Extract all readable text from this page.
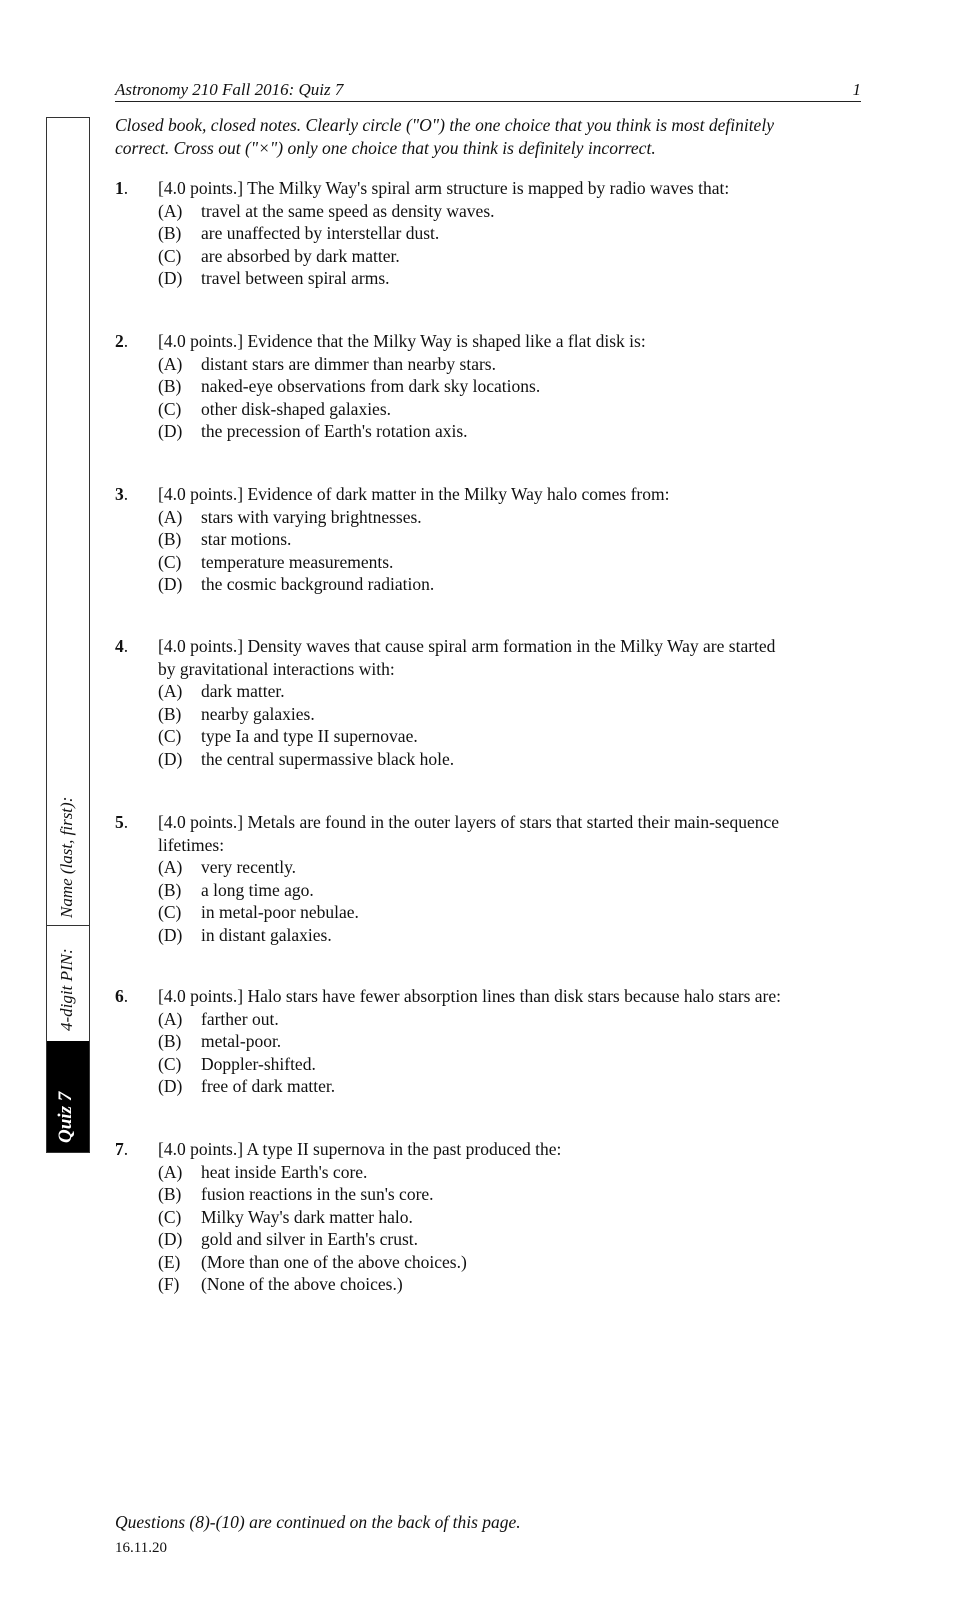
Astronomy 210 Fall 2016: Quiz 7	1
Closed book, closed notes. Clearly circle ("O") the one choice that you think is most definitely
correct. Cross out ("×") only one choice that you think is definitely incorrect.
1. [4.0 points.] The Milky Way's spiral arm structure is mapped by radio waves that:
(A) travel at the same speed as density waves.
(B) are unaffected by interstellar dust.
(C) are absorbed by dark matter.
(D) travel between spiral arms.
2. [4.0 points.] Evidence that the Milky Way is shaped like a flat disk is:
(A) distant stars are dimmer than nearby stars.
(B) naked-eye observations from dark sky locations.
(C) other disk-shaped galaxies.
(D) the precession of Earth's rotation axis.
3. [4.0 points.] Evidence of dark matter in the Milky Way halo comes from:
(A) stars with varying brightnesses.
(B) star motions.
(C) temperature measurements.
(D) the cosmic background radiation.
4. [4.0 points.] Density waves that cause spiral arm formation in the Milky Way are started
by gravitational interactions with:
(A) dark matter.
(B) nearby galaxies.
(C) type Ia and type II supernovae.
(D) the central supermassive black hole.
5. [4.0 points.] Metals are found in the outer layers of stars that started their main-sequence
lifetimes:
(A) very recently.
(B) a long time ago.
(C) in metal-poor nebulae.
(D) in distant galaxies.
6. [4.0 points.] Halo stars have fewer absorption lines than disk stars because halo stars are:
(A) farther out.
(B) metal-poor.
(C) Doppler-shifted.
(D) free of dark matter.
7. [4.0 points.] A type II supernova in the past produced the:
(A) heat inside Earth's core.
(B) fusion reactions in the sun's core.
(C) Milky Way's dark matter halo.
(D) gold and silver in Earth's crust.
(E) (More than one of the above choices.)
(F) (None of the above choices.)
Name (last, first):
4-digit PIN:
Quiz 7
Questions (8)-(10) are continued on the back of this page.
16.11.20
